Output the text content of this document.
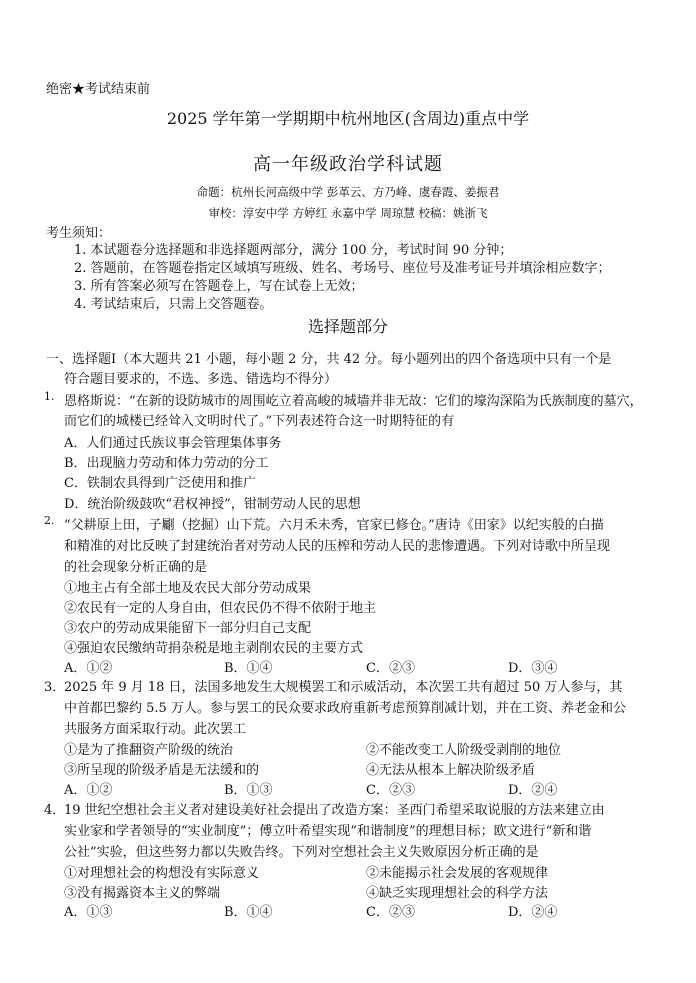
绝密★考试结束前
2025 学年第一学期期中杭州地区(含周边)重点中学
高一年级政治学科试题
命题：杭州长河高级中学 彭革云、方乃峰、虞春霞、姜振君
审校：淳安中学 方婷红 永嘉中学 周琼慧 校稿：姚浙飞
考生须知：
1. 本试题卷分选择题和非选择题两部分，满分 100 分，考试时间 90 分钟；
2. 答题前，在答题卷指定区域填写班级、姓名、考场号、座位号及准考证号并填涂相应数字；
3. 所有答案必须写在答题卷上，写在试卷上无效；
4. 考试结束后，只需上交答题卷。
选择题部分
一、选择题Ⅰ（本大题共 21 小题，每小题 2 分，共 42 分。每小题列出的四个备选项中只有一个是
符合题目要求的，不选、多选、错选均不得分）
1. 恩格斯说：“在新的设防城市的周围屹立着高峻的城墙并非无故：它们的壕沟深陷为氏族制度的墓穴，
而它们的城楼已经耸入文明时代了。”下列表述符合这一时期特征的有
A．人们通过氏族议事会管理集体事务
B．出现脑力劳动和体力劳动的分工
C．铁制农具得到广泛使用和推广
D．统治阶级鼓吹“君权神授”，钳制劳动人民的思想
2. “父耕原上田，子劚（挖掘）山下荒。六月禾未秀，官家已修仓。”唐诗《田家》以纪实般的白描
和精准的对比反映了封建统治者对劳动人民的压榨和劳动人民的悲惨遭遇。下列对诗歌中所呈现
的社会现象分析正确的是
①地主占有全部土地及农民大部分劳动成果
②农民有一定的人身自由，但农民仍不得不依附于地主
③农户的劳动成果能留下一部分归自己支配
④强迫农民缴纳苛捐杂税是地主剥削农民的主要方式
A．①②	B．①④	C．②③	D．③④
3．
2025 年 9 月 18 日，法国多地发生大规模罢工和示威活动，本次罢工共有超过 50 万人参与，其
中首都巴黎约 5.5 万人。参与罢工的民众要求政府重新考虑预算削减计划，并在工资、养老金和公
共服务方面采取行动。此次罢工
①是为了推翻资产阶级的统治	②不能改变工人阶级受剥削的地位
③所呈现的阶级矛盾是无法缓和的	④无法从根本上解决阶级矛盾
A．①②	B．①③	C．②③	D．②④
4．
19 世纪空想社会主义者对建设美好社会提出了改造方案：圣西门希望采取说服的方法来建立由
实业家和学者领导的“实业制度”；傅立叶希望实现“和谐制度”的理想目标；欧文进行“新和谐
公社”实验，但这些努力都以失败告终。下列对空想社会主义失败原因分析正确的是
①对理想社会的构想没有实际意义	②未能揭示社会发展的客观规律
③没有揭露资本主义的弊端	④缺乏实现理想社会的科学方法
A．①③	B．①④	C．②③	D．②④
